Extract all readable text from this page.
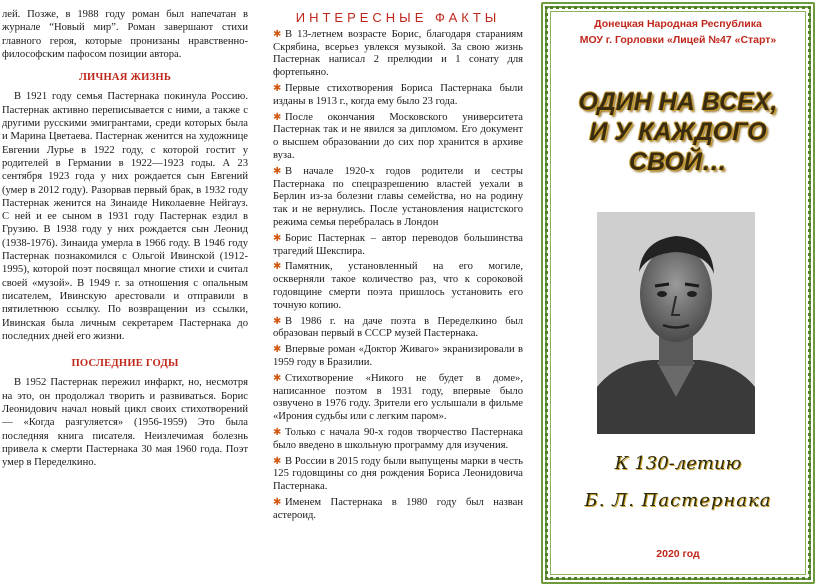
лей. Позже, в 1988 году роман был напечатан в журнале “Новый мир”. Роман завершают стихи главного героя, которые пронизаны нравственно-философским пафосом позиции автора.

ЛИЧНАЯ ЖИЗНЬ

В 1921 году семья Пастернака покинула Россию. Пастернак активно переписывается с ними, а также с другими русскими эмигрантами, среди которых была и Марина Цветаева. Пастернак женится на художнице Евгении Лурье в 1922 году, с которой гостит у родителей в Германии в 1922—1923 годы. А 23 сентября 1923 года у них рождается сын Евгений (умер в 2012 году). Разорвав первый брак, в 1932 году Пастернак женится на Зинаиде Николаевне Нейгауз. С ней и ее сыном в 1931 году Пастернак ездил в Грузию. В 1938 году у них рождается сын Леонид (1938-1976). Зинаида умерла в 1966 году. В 1946 году Пастернак познакомился с Ольгой Ивинской (1912-1995), которой поэт посвящал многие стихи и считал своей «музой». В 1949 г. за отношения с опальным писателем, Ивинскую арестовали и отправили в пятилетнюю ссылку. По возвращении из ссылки, Ивинская была личным секретарем Пастернака до последних дней его жизни.

ПОСЛЕДНИЕ ГОДЫ

В 1952 Пастернак пережил инфаркт, но, несмотря на это, он продолжал творить и развиваться. Борис Леонидович начал новый цикл своих стихотворений — «Когда разгуляется» (1956-1959) Это была последняя книга писателя. Неизлечимая болезнь привела к смерти Пастернака 30 мая 1960 года. Поэт умер в Переделкино.

ИНТЕРЕСНЫЕ ФАКТЫ
✱ В 13-летнем возрасте Борис, благодаря стараниям Скрябина, всерьез увлекся музыкой. За свою жизнь Пастернак написал 2 прелюдии и 1 сонату для фортепьяно.
✱ Первые стихотворения Бориса Пастернака были изданы в 1913 г., когда ему было 23 года.
✱ После окончания Московского университета Пастернак так и не явился за дипломом. Его документ о высшем образовании до сих пор хранится в архиве вуза.
✱ В начале 1920-х годов родители и сестры Пастернака по спецразрешению властей уехали в Берлин из-за болезни главы семейства, но на родину так и не вернулись. После установления нацистского режима семья перебралась в Лондон
✱ Борис Пастернак – автор переводов большинства трагедий Шекспира.
✱ Памятник, установленный на его могиле, оскверняли такое количество раз, что к сороковой годовщине смерти поэта пришлось установить его точную копию.
✱ В 1986 г. на даче поэта в Переделкино был образован первый в СССР музей Пастернака.
✱ Впервые роман «Доктор Живаго» экранизировали в 1959 году в Бразилии.
✱ Стихотворение «Никого не будет в доме», написанное поэтом в 1931 году, впервые было озвучено в 1976 году. Зрители его услышали в фильме «Ирония судьбы или с легким паром».
✱ Только с начала 90-х годов творчество Пастернака было введено в школьную программу для изучения.
✱ В России в 2015 году были выпущены марки в честь 125 годовщины со дня рождения Бориса Леонидовича Пастернака.
✱ Именем Пастернака в 1980 году был назван астероид.
Донецкая Народная Республика
МОУ г. Горловки «Лицей №47 «Старт»
ОДИН НА ВСЕХ,
И У КАЖДОГО
СВОЙ…
К 130-летию
Б. Л. Пастернака
2020 год
